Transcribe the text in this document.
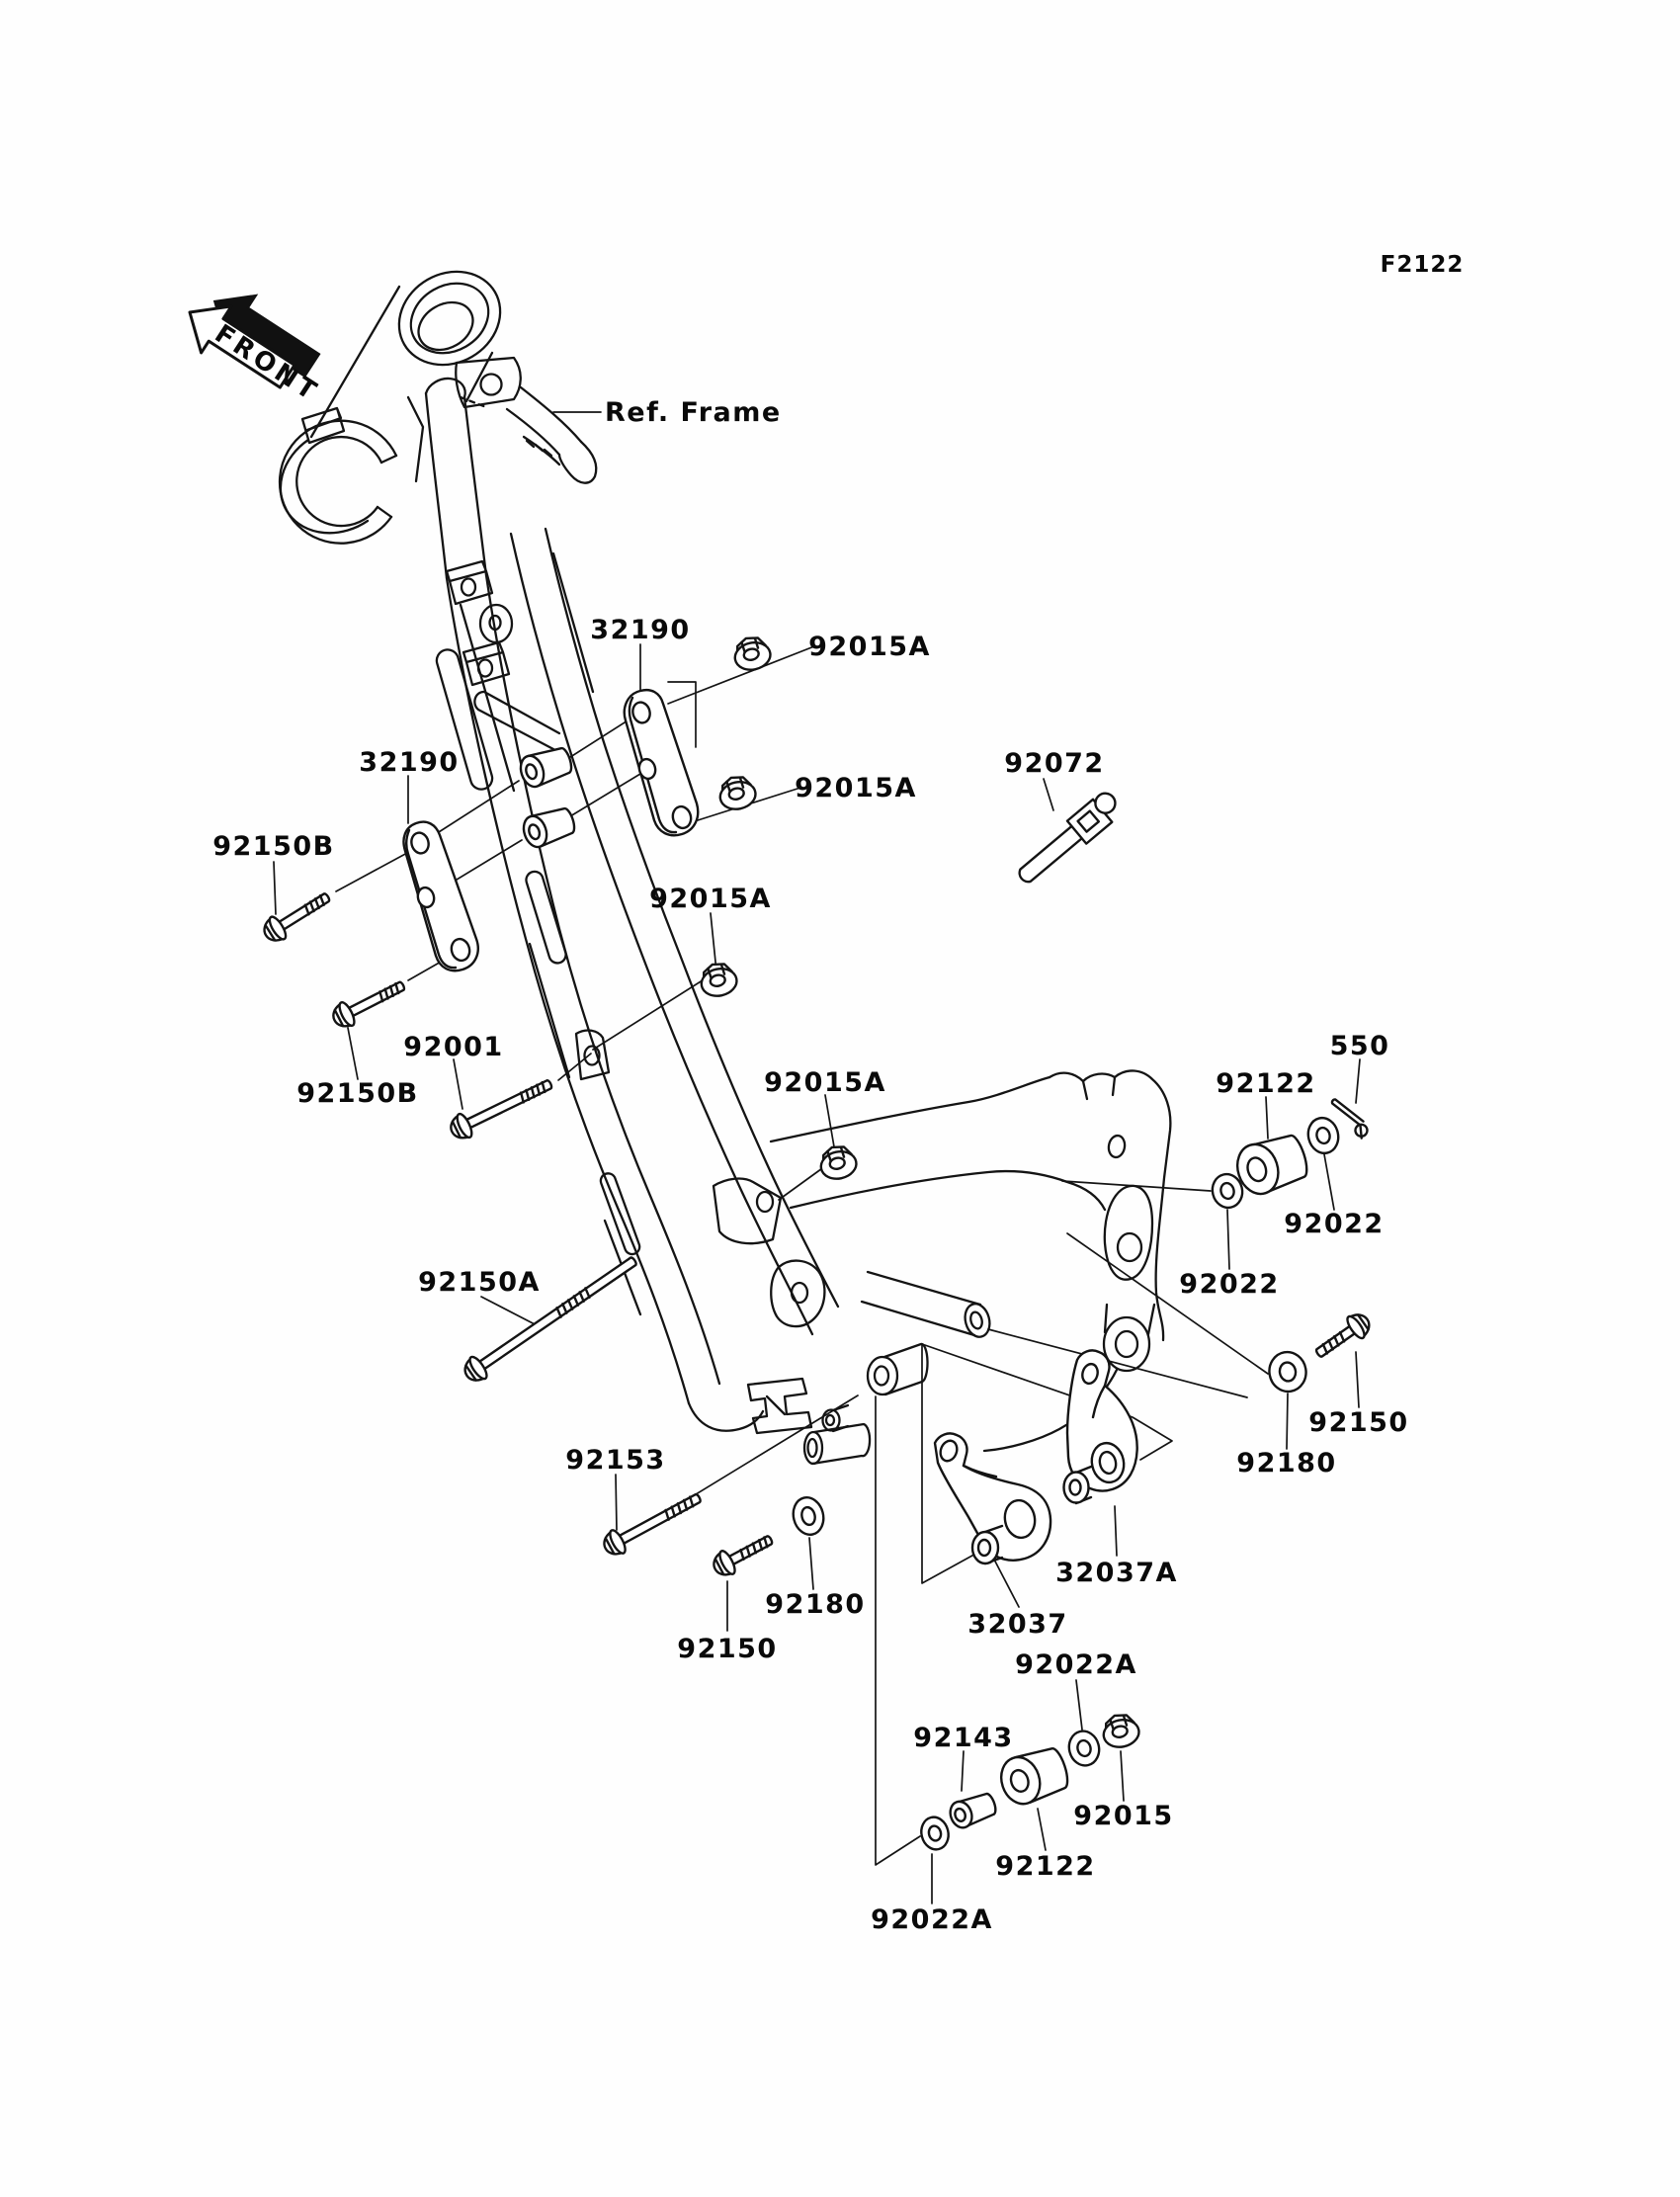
FRONT
F2122
Ref. Frame
32190
92015A
92015A
92072
32190
92150B
92015A
92001
92150B	92015A
550
92122
92022
92022
92150A
92150
92180
92153
92180
32037A
32037
92150
92022A
92143
92015
92122
92022A
